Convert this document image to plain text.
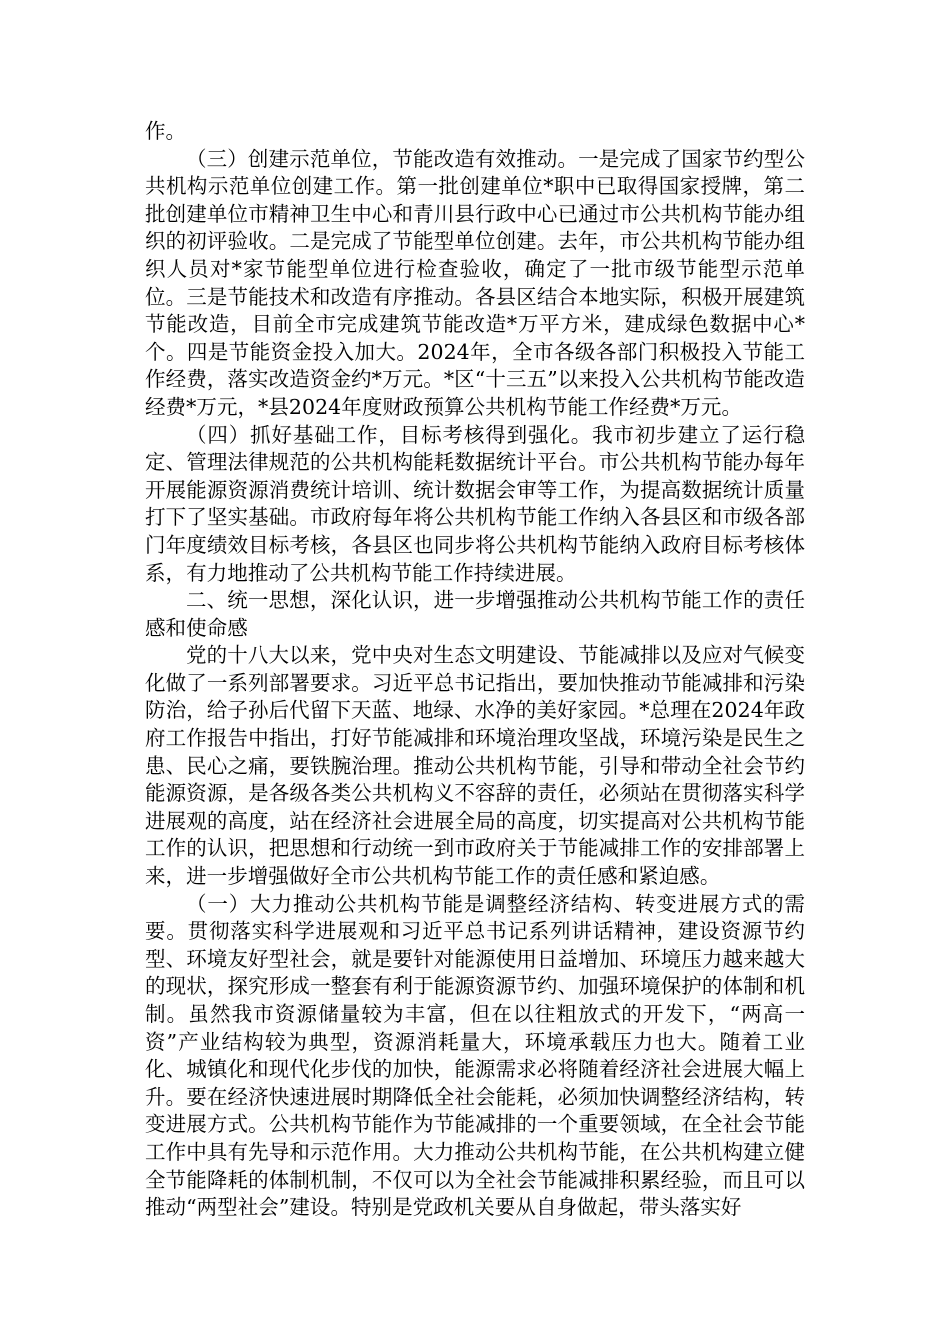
作。

（三）创建示范单位，节能改造有效推动。一是完成了国家节约型公共机构示范单位创建工作。第一批创建单位*职中已取得国家授牌，第二批创建单位市精神卫生中心和青川县行政中心已通过市公共机构节能办组织的初评验收。二是完成了节能型单位创建。去年，市公共机构节能办组织人员对*家节能型单位进行检查验收，确定了一批市级节能型示范单位。三是节能技术和改造有序推动。各县区结合本地实际，积极开展建筑节能改造，目前全市完成建筑节能改造*万平方米，建成绿色数据中心*个。四是节能资金投入加大。2024年，全市各级各部门积极投入节能工作经费，落实改造资金约*万元。*区“十三五”以来投入公共机构节能改造经费*万元，*县2024年度财政预算公共机构节能工作经费*万元。

（四）抓好基础工作，目标考核得到强化。我市初步建立了运行稳定、管理法律规范的公共机构能耗数据统计平台。市公共机构节能办每年开展能源资源消费统计培训、统计数据会审等工作，为提高数据统计质量打下了坚实基础。市政府每年将公共机构节能工作纳入各县区和市级各部门年度绩效目标考核，各县区也同步将公共机构节能纳入政府目标考核体系，有力地推动了公共机构节能工作持续进展。

二、统一思想，深化认识，进一步增强推动公共机构节能工作的责任感和使命感

党的十八大以来，党中央对生态文明建设、节能减排以及应对气候变化做了一系列部署要求。习近平总书记指出，要加快推动节能减排和污染防治，给子孙后代留下天蓝、地绿、水净的美好家园。*总理在2024年政府工作报告中指出，打好节能减排和环境治理攻坚战，环境污染是民生之患、民心之痛，要铁腕治理。推动公共机构节能，引导和带动全社会节约能源资源，是各级各类公共机构义不容辞的责任，必须站在贯彻落实科学进展观的高度，站在经济社会进展全局的高度，切实提高对公共机构节能工作的认识，把思想和行动统一到市政府关于节能减排工作的安排部署上来，进一步增强做好全市公共机构节能工作的责任感和紧迫感。

（一）大力推动公共机构节能是调整经济结构、转变进展方式的需要。贯彻落实科学进展观和习近平总书记系列讲话精神，建设资源节约型、环境友好型社会，就是要针对能源使用日益增加、环境压力越来越大的现状，探究形成一整套有利于能源资源节约、加强环境保护的体制和机制。虽然我市资源储量较为丰富，但在以往粗放式的开发下，“两高一资”产业结构较为典型，资源消耗量大，环境承载压力也大。随着工业化、城镇化和现代化步伐的加快，能源需求必将随着经济社会进展大幅上升。要在经济快速进展时期降低全社会能耗，必须加快调整经济结构，转变进展方式。公共机构节能作为节能减排的一个重要领域，在全社会节能工作中具有先导和示范作用。大力推动公共机构节能，在公共机构建立健全节能降耗的体制机制，不仅可以为全社会节能减排积累经验，而且可以推动“两型社会”建设。特别是党政机关要从自身做起，带头落实好
